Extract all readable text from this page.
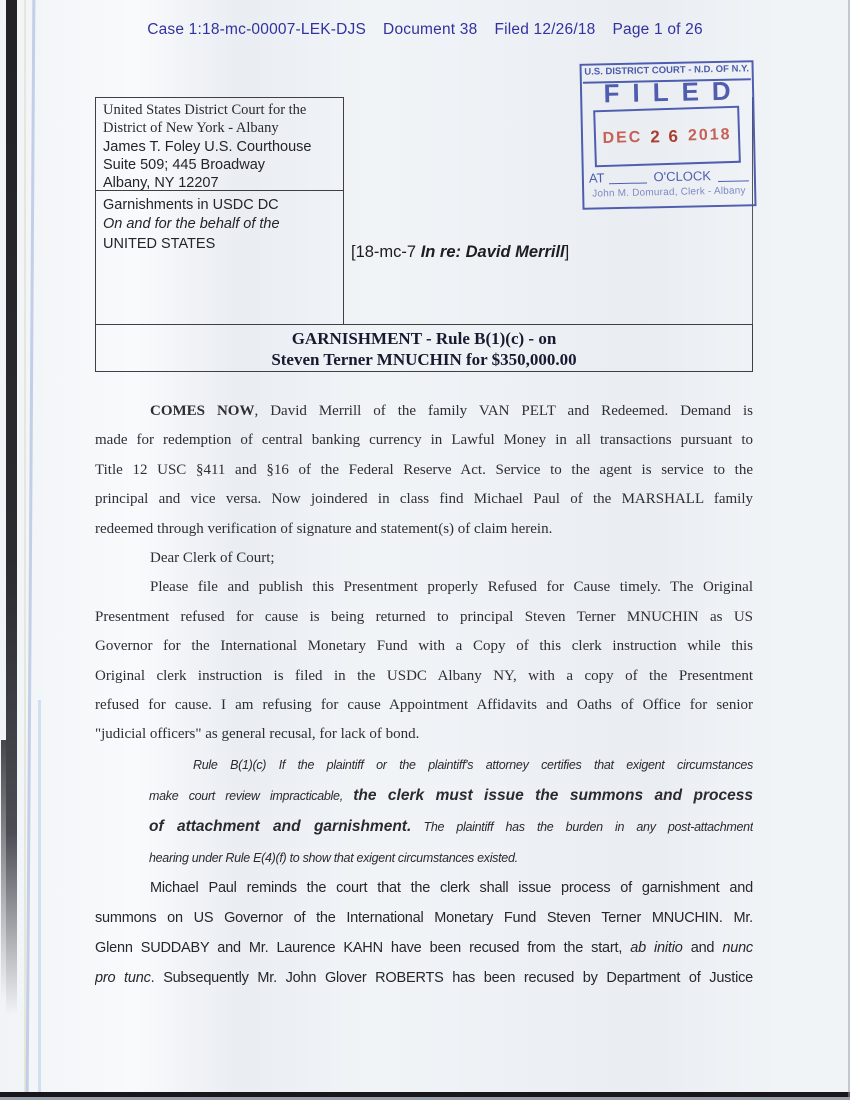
Case 1:18-mc-00007-LEK-DJS Document 38 Filed 12/26/18 Page 1 of 26
United States District Court for the
District of New York - Albany
James T. Foley U.S. Courthouse
Suite 509; 445 Broadway
Albany, NY 12207
Garnishments in USDC DC
On and for the behalf of the
UNITED STATES	[18-mc-7 In re: David Merrill]
U.S. DISTRICT COURT - N.D. OF N.Y.
FILED
DEC 2 6 2018
AT	O'CLOCK
John M. Domurad, Clerk - Albany
GARNISHMENT - Rule B(1)(c) - on
Steven Terner MNUCHIN for $350,000.00
COMES NOW, David Merrill of the family VAN PELT and Redeemed. Demand is
made for redemption of central banking currency in Lawful Money in all transactions pursuant to
Title 12 USC §411 and §16 of the Federal Reserve Act. Service to the agent is service to the
principal and vice versa. Now joindered in class find Michael Paul of the MARSHALL family
redeemed through verification of signature and statement(s) of claim herein.
Dear Clerk of Court;
Please file and publish this Presentment properly Refused for Cause timely. The Original
Presentment refused for cause is being returned to principal Steven Terner MNUCHIN as US
Governor for the International Monetary Fund with a Copy of this clerk instruction while this
Original clerk instruction is filed in the USDC Albany NY, with a copy of the Presentment
refused for cause. I am refusing for cause Appointment Affidavits and Oaths of Office for senior
"judicial officers" as general recusal, for lack of bond.
Rule B(1)(c) If the plaintiff or the plaintiff's attorney certifies that exigent circumstances
make court review impracticable, the clerk must issue the summons and process
of attachment and garnishment. The plaintiff has the burden in any post-attachment
hearing under Rule E(4)(f) to show that exigent circumstances existed.
Michael Paul reminds the court that the clerk shall issue process of garnishment and
summons on US Governor of the International Monetary Fund Steven Terner MNUCHIN. Mr.
Glenn SUDDABY and Mr. Laurence KAHN have been recused from the start, ab initio and nunc
pro tunc. Subsequently Mr. John Glover ROBERTS has been recused by Department of Justice
